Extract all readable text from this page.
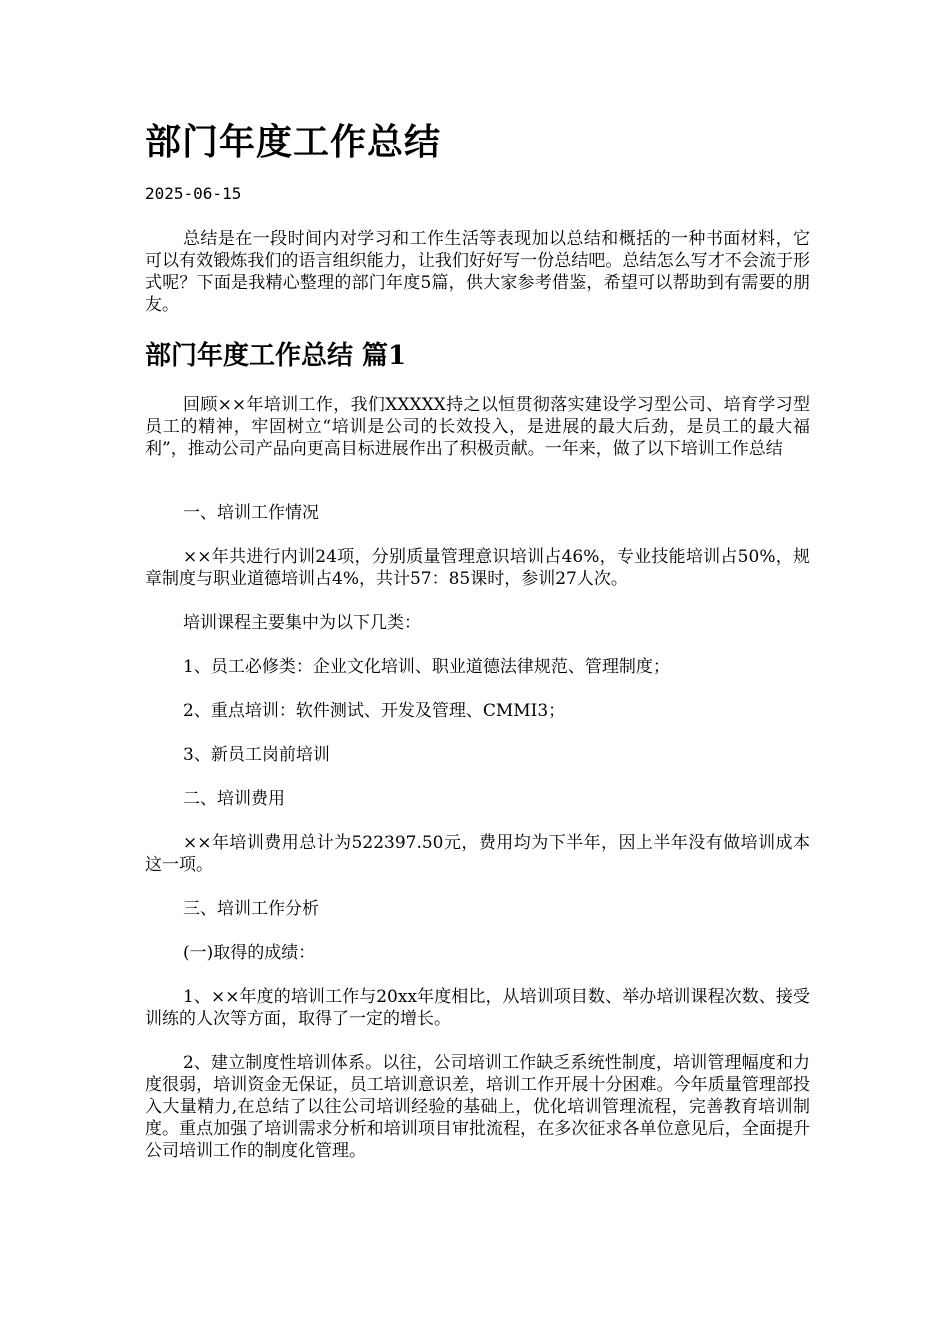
部门年度工作总结
2025-06-15

总结是在一段时间内对学习和工作生活等表现加以总结和概括的一种书面材料，它可以有效锻炼我们的语言组织能力，让我们好好写一份总结吧。总结怎么写才不会流于形式呢？下面是我精心整理的部门年度5篇，供大家参考借鉴，希望可以帮助到有需要的朋友。

部门年度工作总结 篇1

回顾××年培训工作，我们XXXXX持之以恒贯彻落实建设学习型公司、培育学习型员工的精神，牢固树立“培训是公司的长效投入，是进展的最大后劲，是员工的最大福利”，推动公司产品向更高目标进展作出了积极贡献。一年来，做了以下培训工作总结

一、培训工作情况

××年共进行内训24项，分别质量管理意识培训占46%，专业技能培训占50%，规章制度与职业道德培训占4%，共计57：85课时，参训27人次。

培训课程主要集中为以下几类：

1、员工必修类：企业文化培训、职业道德法律规范、管理制度；

2、重点培训：软件测试、开发及管理、CMMI3；

3、新员工岗前培训

二、培训费用

××年培训费用总计为522397.50元，费用均为下半年，因上半年没有做培训成本这一项。

三、培训工作分析

(一)取得的成绩：

1、××年度的培训工作与20xx年度相比，从培训项目数、举办培训课程次数、接受训练的人次等方面，取得了一定的增长。

2、建立制度性培训体系。以往，公司培训工作缺乏系统性制度，培训管理幅度和力度很弱，培训资金无保证，员工培训意识差，培训工作开展十分困难。今年质量管理部投入大量精力,在总结了以往公司培训经验的基础上，优化培训管理流程，完善教育培训制度。重点加强了培训需求分析和培训项目审批流程，在多次征求各单位意见后，全面提升公司培训工作的制度化管理。
